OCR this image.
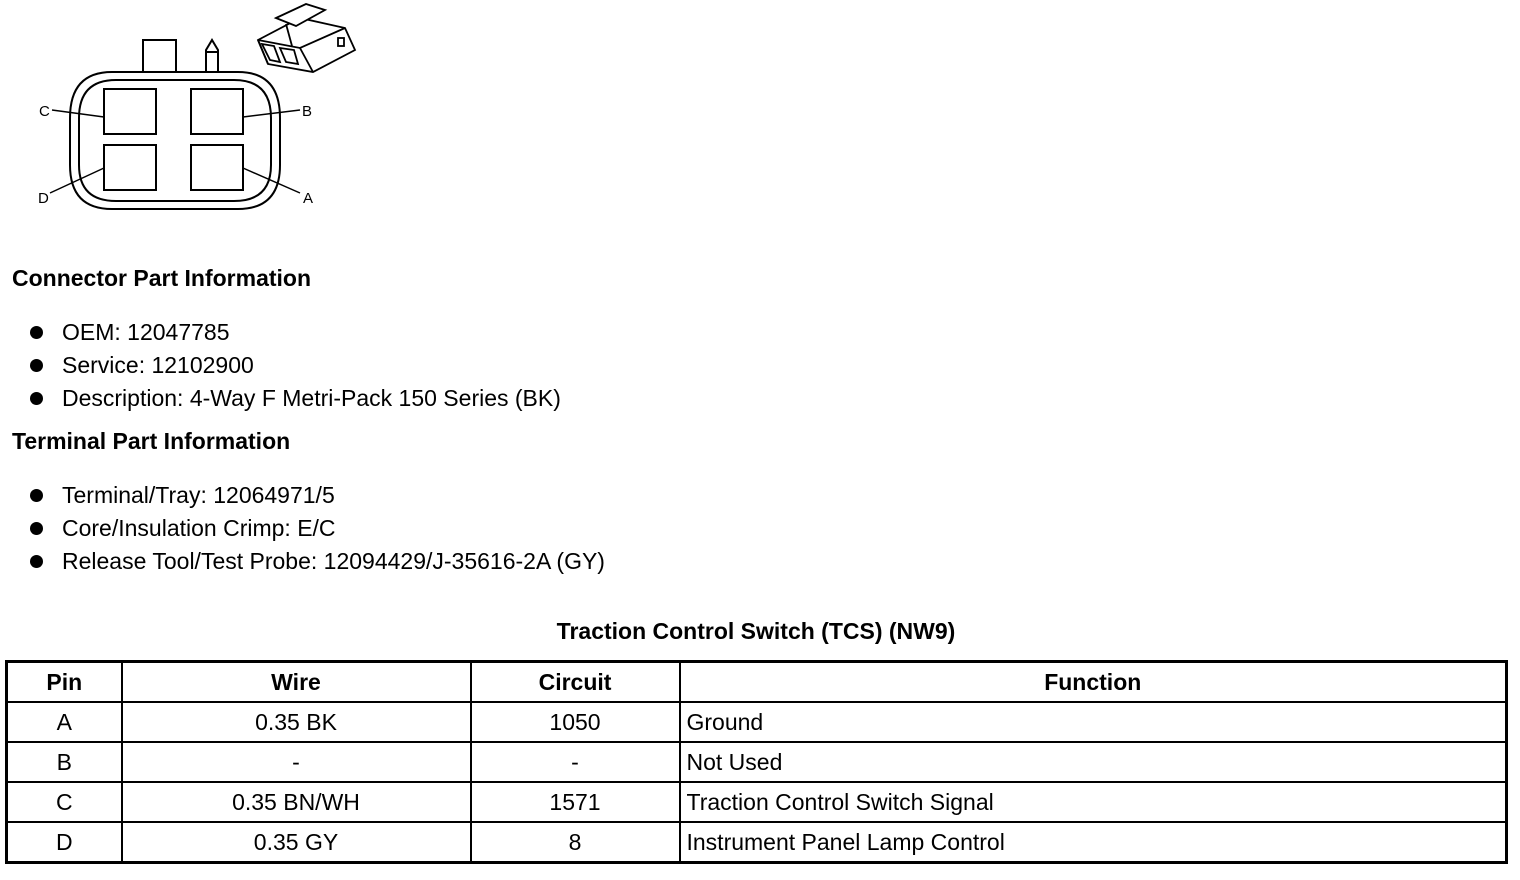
C	B
D	A
Connector Part Information
OEM: 12047785
Service: 12102900
Description: 4-Way F Metri-Pack 150 Series (BK)
Terminal Part Information
Terminal/Tray: 12064971/5
Core/Insulation Crimp: E/C
Release Tool/Test Probe: 12094429/J-35616-2A (GY)
Traction Control Switch (TCS) (NW9)
Pin	Wire	Circuit	Function
A	0.35 BK	1050	Ground
B	-	-	Not Used
C	0.35 BN/WH	1571	Traction Control Switch Signal
D	0.35 GY	8	Instrument Panel Lamp Control
